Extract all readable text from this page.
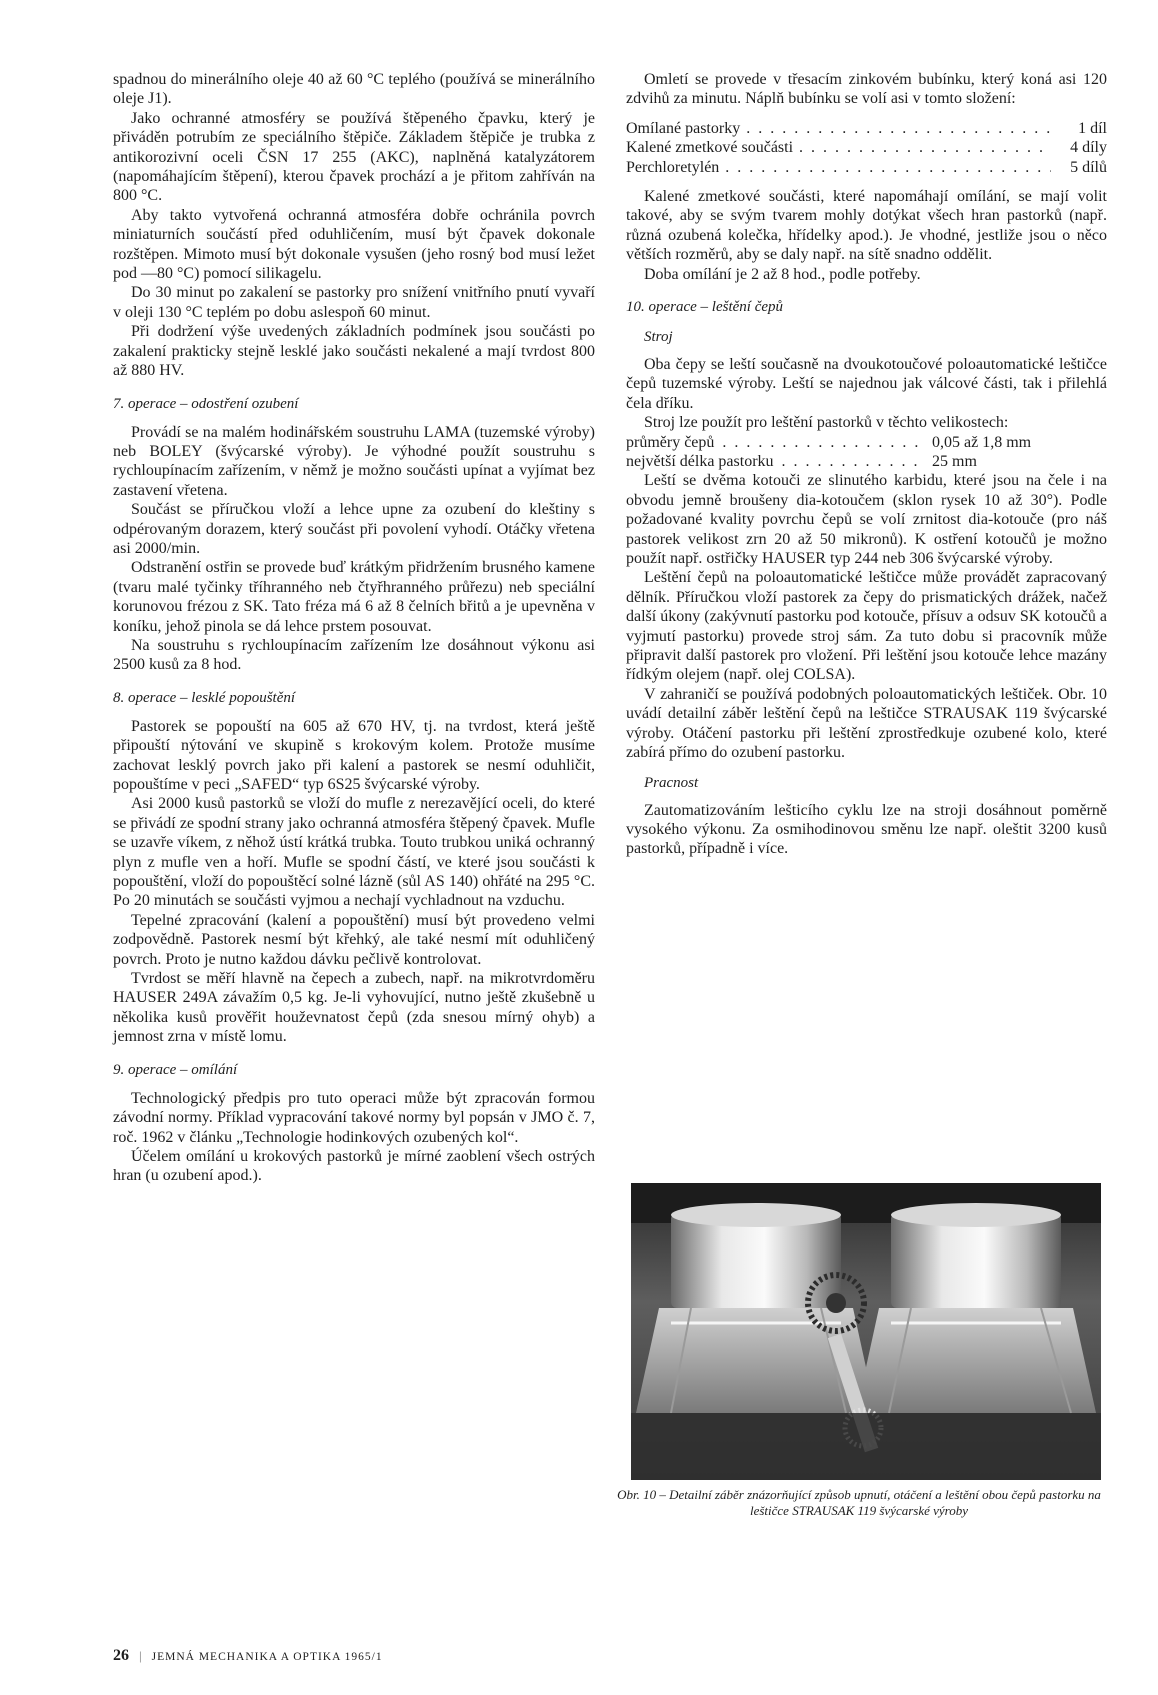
spadnou do minerálního oleje 40 až 60 °C teplého (používá se minerálního oleje J1).

Jako ochranné atmosféry se používá štěpeného čpavku, který je přiváděn potrubím ze speciálního štěpiče. Základem štěpiče je trubka z antikorozivní oceli ČSN 17 255 (AKC), naplněná katalyzátorem (napomáhajícím štěpení), kterou čpavek prochází a je přitom zahříván na 800 °C.

Aby takto vytvořená ochranná atmosféra dobře ochránila povrch miniaturních součástí před oduhličením, musí být čpavek dokonale rozštěpen. Mimoto musí být dokonale vysušen (jeho rosný bod musí ležet pod —80 °C) pomocí silikagelu.

Do 30 minut po zakalení se pastorky pro snížení vnitřního pnutí vyvaří v oleji 130 °C teplém po dobu aslespoň 60 minut.

Při dodržení výše uvedených základních podmínek jsou součásti po zakalení prakticky stejně lesklé jako součásti nekalené a mají tvrdost 800 až 880 HV.

7. operace – odostření ozubení

Provádí se na malém hodinářském soustruhu LAMA (tuzemské výroby) neb BOLEY (švýcarské výroby). Je výhodné použít soustruhu s rychloupínacím zařízením, v němž je možno součásti upínat a vyjímat bez zastavení vřetena.

Součást se příručkou vloží a lehce upne za ozubení do kleštiny s odpérovaným dorazem, který součást při povolení vyhodí. Otáčky vřetena asi 2000/min.

Odstranění ostřin se provede buď krátkým přidržením brusného kamene (tvaru malé tyčinky tříhranného neb čtyřhranného průřezu) neb speciální korunovou frézou z SK. Tato fréza má 6 až 8 čelních břitů a je upevněna v koníku, jehož pinola se dá lehce prstem posouvat.

Na soustruhu s rychloupínacím zařízením lze dosáhnout výkonu asi 2500 kusů za 8 hod.

8. operace – lesklé popouštění

Pastorek se popouští na 605 až 670 HV, tj. na tvrdost, která ještě připouští nýtování ve skupině s krokovým kolem. Protože musíme zachovat lesklý povrch jako při kalení a pastorek se nesmí oduhličit, popouštíme v peci „SAFED“ typ 6S25 švýcarské výroby.

Asi 2000 kusů pastorků se vloží do mufle z nerezavějící oceli, do které se přivádí ze spodní strany jako ochranná atmosféra štěpený čpavek. Mufle se uzavře víkem, z něhož ústí krátká trubka. Touto trubkou uniká ochranný plyn z mufle ven a hoří. Mufle se spodní částí, ve které jsou součásti k popouštění, vloží do popouštěcí solné lázně (sůl AS 140) ohřáté na 295 °C. Po 20 minutách se součásti vyjmou a nechají vychladnout na vzduchu.

Tepelné zpracování (kalení a popouštění) musí být provedeno velmi zodpovědně. Pastorek nesmí být křehký, ale také nesmí mít oduhličený povrch. Proto je nutno každou dávku pečlivě kontrolovat.

Tvrdost se měří hlavně na čepech a zubech, např. na mikrotvrdoměru HAUSER 249A závažím 0,5 kg. Je-li vyhovující, nutno ještě zkušebně u několika kusů prověřit houževnatost čepů (zda snesou mírný ohyb) a jemnost zrna v místě lomu.

9. operace – omílání

Technologický předpis pro tuto operaci může být zpracován formou závodní normy. Příklad vypracování takové normy byl popsán v JMO č. 7, roč. 1962 v článku „Technologie hodinkových ozubených kol“.

Účelem omílání u krokových pastorků je mírné zaoblení všech ostrých hran (u ozubení apod.).

Omletí se provede v třesacím zinkovém bubínku, který koná asi 120 zdvihů za minutu. Náplň bubínku se volí asi v tomto složení:

Omílané pastorky . . .	1 díl
Kalené zmetkové součásti . . .	4 díly
Perchloretylén . . .	5 dílů

Kalené zmetkové součásti, které napomáhají omílání, se mají volit takové, aby se svým tvarem mohly dotýkat všech hran pastorků (např. různá ozubená kolečka, hřídelky apod.). Je vhodné, jestliže jsou o něco větších rozměrů, aby se daly např. na sítě snadno oddělit.

Doba omílání je 2 až 8 hod., podle potřeby.

10. operace – leštění čepů
Stroj

Oba čepy se leští současně na dvoukotoučové poloautomatické leštičce čepů tuzemské výroby. Leští se najednou jak válcové části, tak i přilehlá čela dříku.

Stroj lze použít pro leštění pastorků v těchto velikostech:

průměry čepů . . .	0,05 až 1,8 mm
největší délka pastorku . . .	25 mm

Leští se dvěma kotouči ze slinutého karbidu, které jsou na čele i na obvodu jemně broušeny dia-kotoučem (sklon rysek 10 až 30°). Podle požadované kvality povrchu čepů se volí zrnitost dia-kotouče (pro náš pastorek velikost zrn 20 až 50 mikronů). K ostření kotoučů je možno použít např. ostřičky HAUSER typ 244 neb 306 švýcarské výroby.

Leštění čepů na poloautomatické leštičce může provádět zapracovaný dělník. Příručkou vloží pastorek za čepy do prismatických drážek, načež další úkony (zakývnutí pastorku pod kotouče, přísuv a odsuv SK kotoučů a vyjmutí pastorku) provede stroj sám. Za tuto dobu si pracovník může připravit další pastorek pro vložení. Při leštění jsou kotouče lehce mazány řídkým olejem (např. olej COLSA).

V zahraničí se používá podobných poloautomatických leštiček. Obr. 10 uvádí detailní záběr leštění čepů na leštičce STRAUSAK 119 švýcarské výroby. Otáčení pastorku při leštění zprostředkuje ozubené kolo, které zabírá přímo do ozubení pastorku.

Pracnost

Zautomatizováním lešticího cyklu lze na stroji dosáhnout poměrně vysokého výkonu. Za osmihodinovou směnu lze např. oleštit 3200 kusů pastorků, případně i více.

Obr. 10 – Detailní záběr znázorňující způsob upnutí, otáčení a leštění obou čepů pastorku na leštičce STRAUSAK 119 švýcarské výroby
26 | JEMNÁ MECHANIKA A OPTIKA 1965/1
